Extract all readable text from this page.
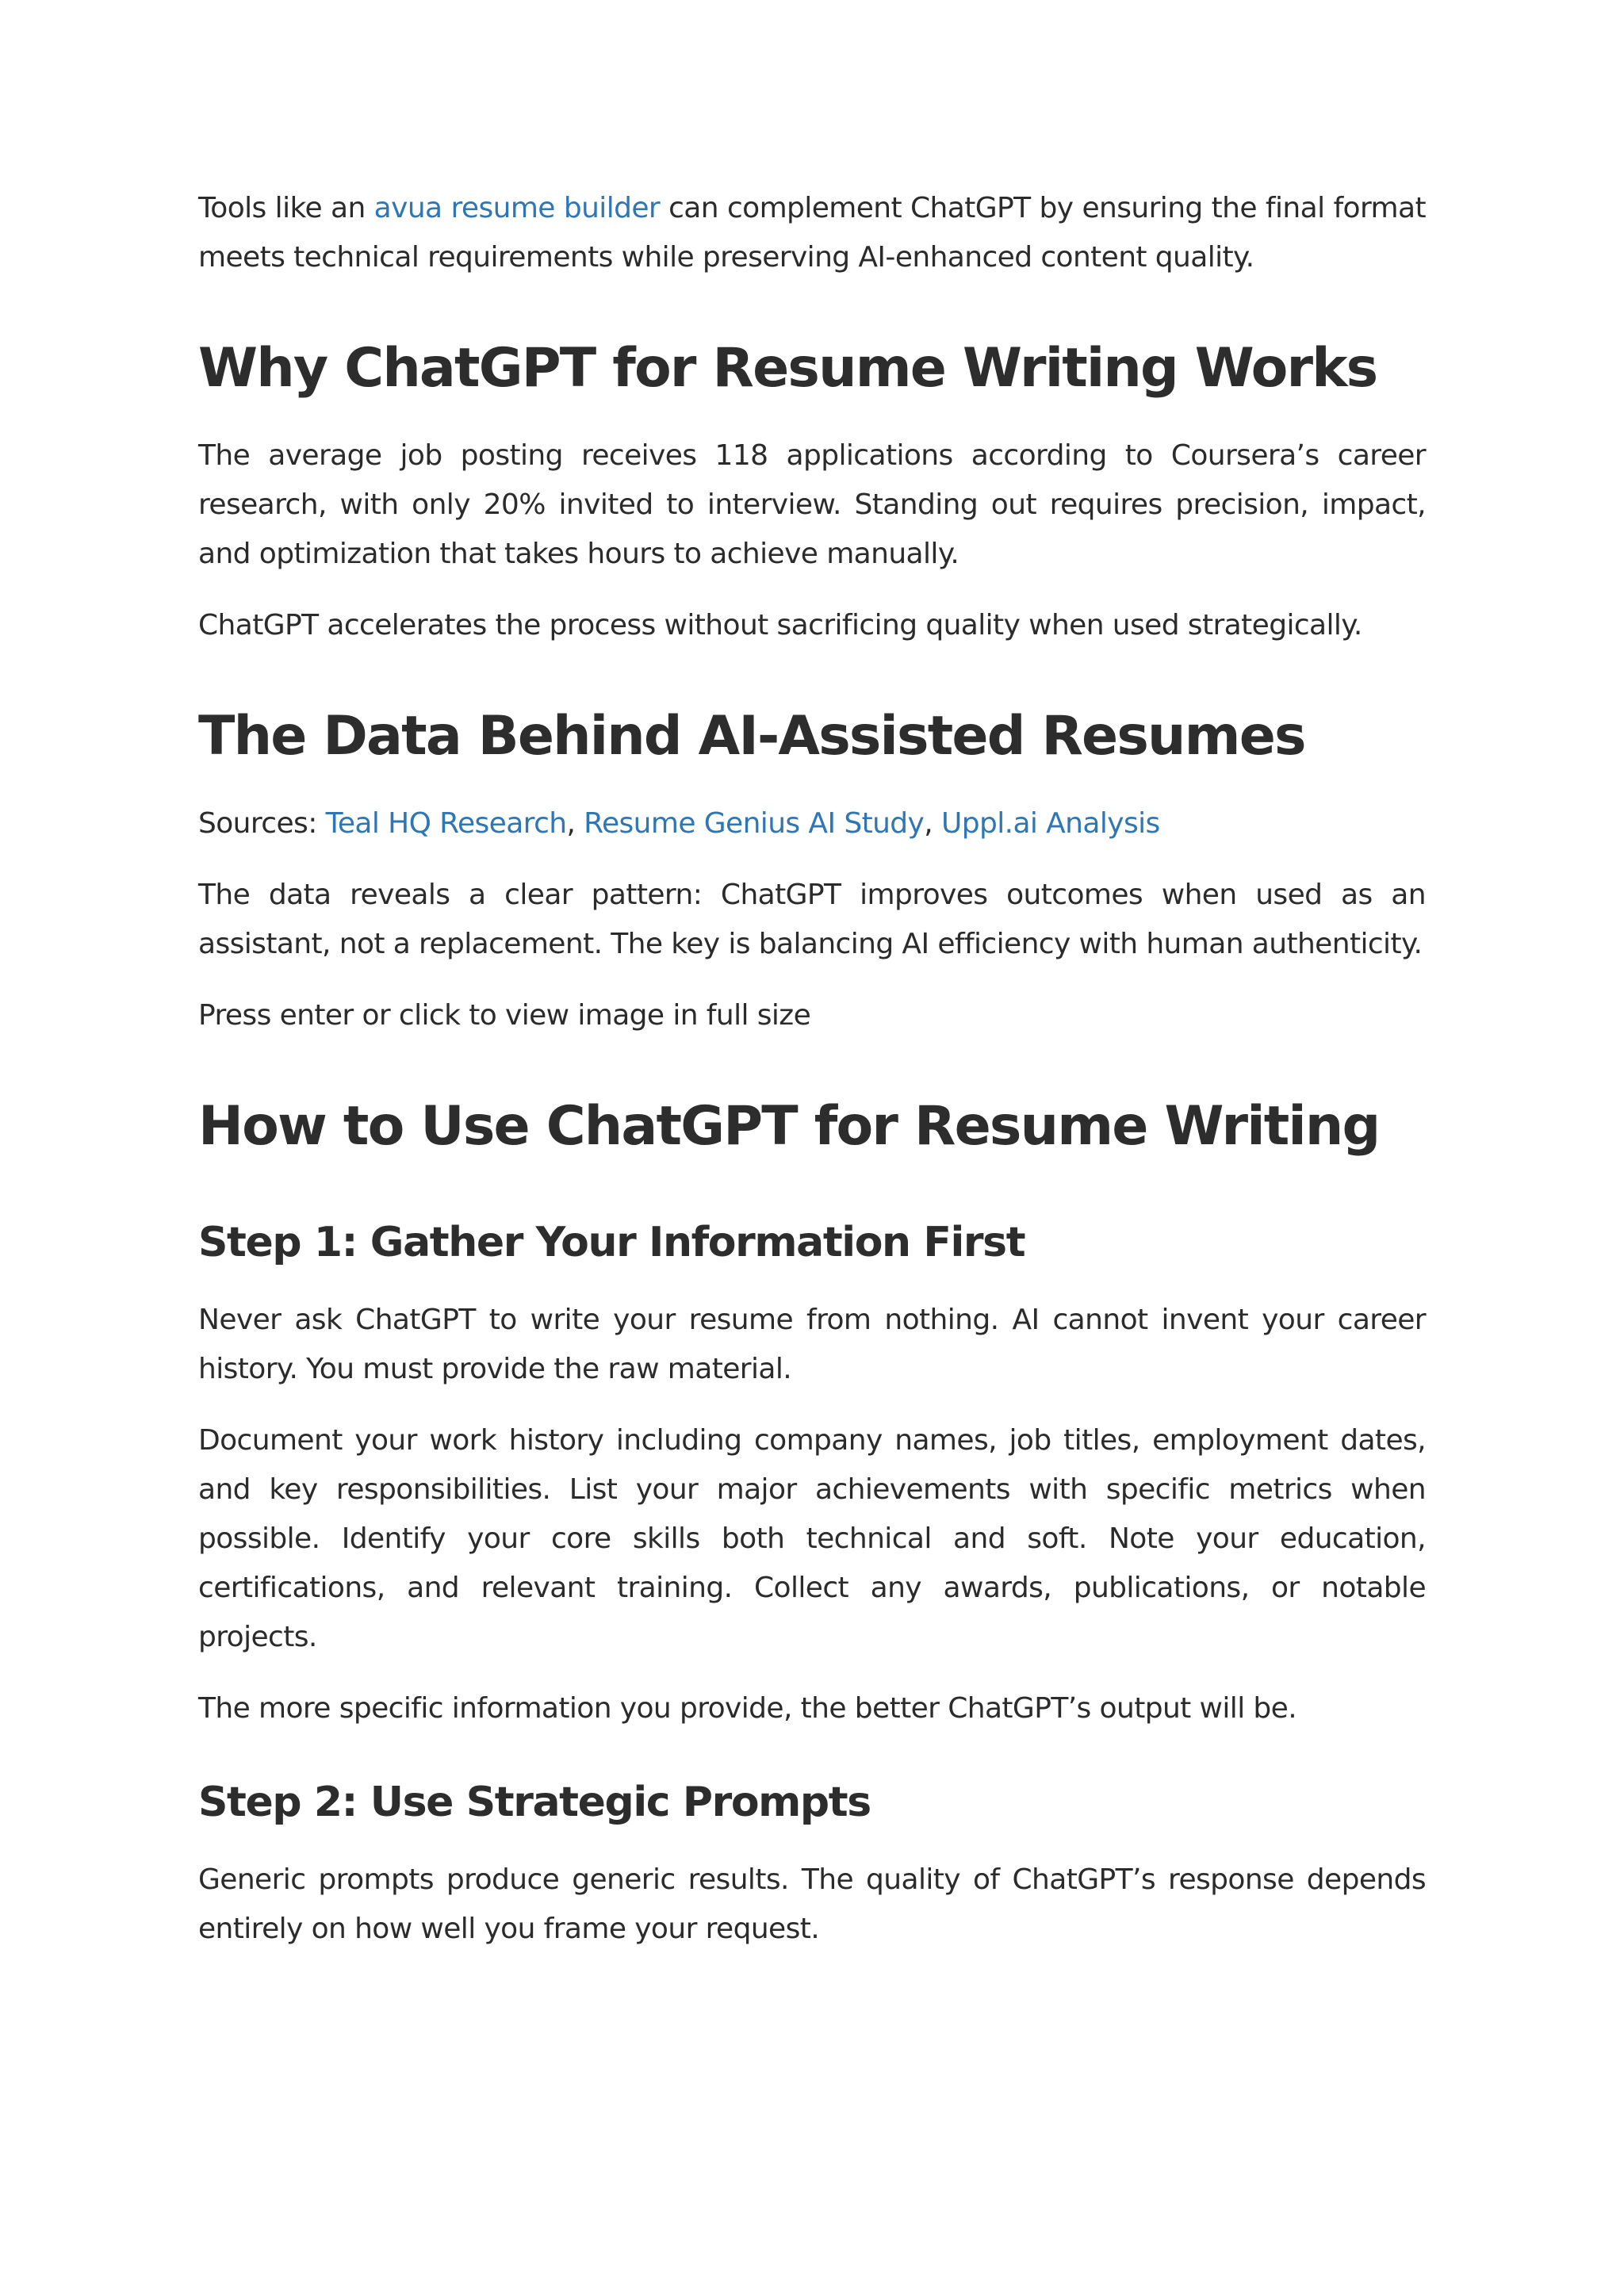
Tools like an avua resume builder can complement ChatGPT by ensuring the final format meets technical requirements while preserving AI-enhanced content quality.

Why ChatGPT for Resume Writing Works

The average job posting receives 118 applications according to Coursera’s career research, with only 20% invited to interview. Standing out requires precision, impact, and optimization that takes hours to achieve manually.

ChatGPT accelerates the process without sacrificing quality when used strategically.

The Data Behind AI-Assisted Resumes

Sources: Teal HQ Research, Resume Genius AI Study, Uppl.ai Analysis

The data reveals a clear pattern: ChatGPT improves outcomes when used as an assistant, not a replacement. The key is balancing AI efficiency with human authenticity.

Press enter or click to view image in full size

How to Use ChatGPT for Resume Writing
Step 1: Gather Your Information First

Never ask ChatGPT to write your resume from nothing. AI cannot invent your career history. You must provide the raw material.

Document your work history including company names, job titles, employment dates, and key responsibilities. List your major achievements with specific metrics when possible. Identify your core skills both technical and soft. Note your education, certifications, and relevant training. Collect any awards, publications, or notable projects.

The more specific information you provide, the better ChatGPT’s output will be.

Step 2: Use Strategic Prompts

Generic prompts produce generic results. The quality of ChatGPT’s response depends entirely on how well you frame your request.
